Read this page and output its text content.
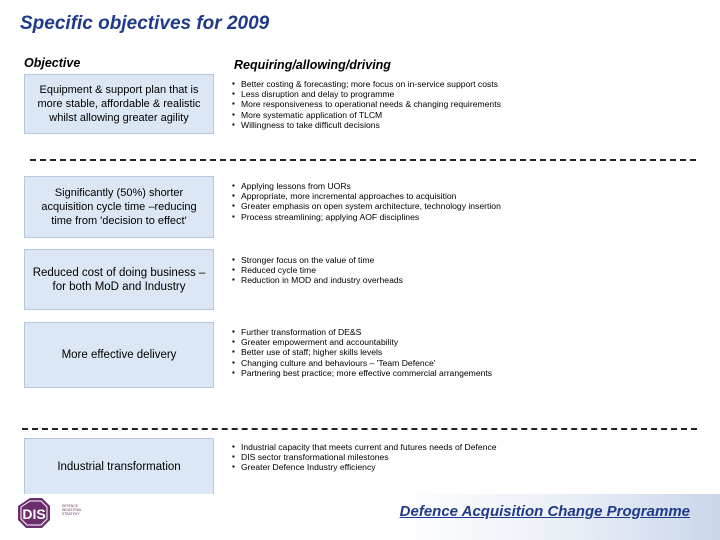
Specific objectives for 2009
Objective	Requiring/allowing/driving
Equipment & support plan that is more stable, affordable & realistic whilst allowing greater agility
▪ Better costing & forecasting; more focus on in-service support costs
▪ Less disruption and delay to programme
▪ More responsiveness to operational needs & changing requirements
▪ More systematic application of TLCM
▪ Willingness to take difficult decisions
Significantly (50%) shorter acquisition cycle time –reducing time from 'decision to effect'
▪ Applying lessons from UORs
▪ Appropriate, more incremental approaches to acquisition
▪ Greater emphasis on open system architecture, technology insertion
▪ Process streamlining; applying AOF disciplines
Reduced cost of doing business – for both MoD and Industry
▪ Stronger focus on the value of time
▪ Reduced cycle time
▪ Reduction in MOD and industry overheads
More effective delivery
▪ Further transformation of DE&S
▪ Greater empowerment and accountability
▪ Better use of staff; higher skills levels
▪ Changing culture and behaviours – 'Team Defence'
▪ Partnering best practice; more effective commercial arrangements
Industrial transformation
▪ Industrial capacity that meets current and futures needs of Defence
▪ DIS sector transformational milestones
▪ Greater Defence Industry efficiency
DIS	DEFENCE
INDUSTRIAL
STRATEGY	Defence Acquisition Change Programme
